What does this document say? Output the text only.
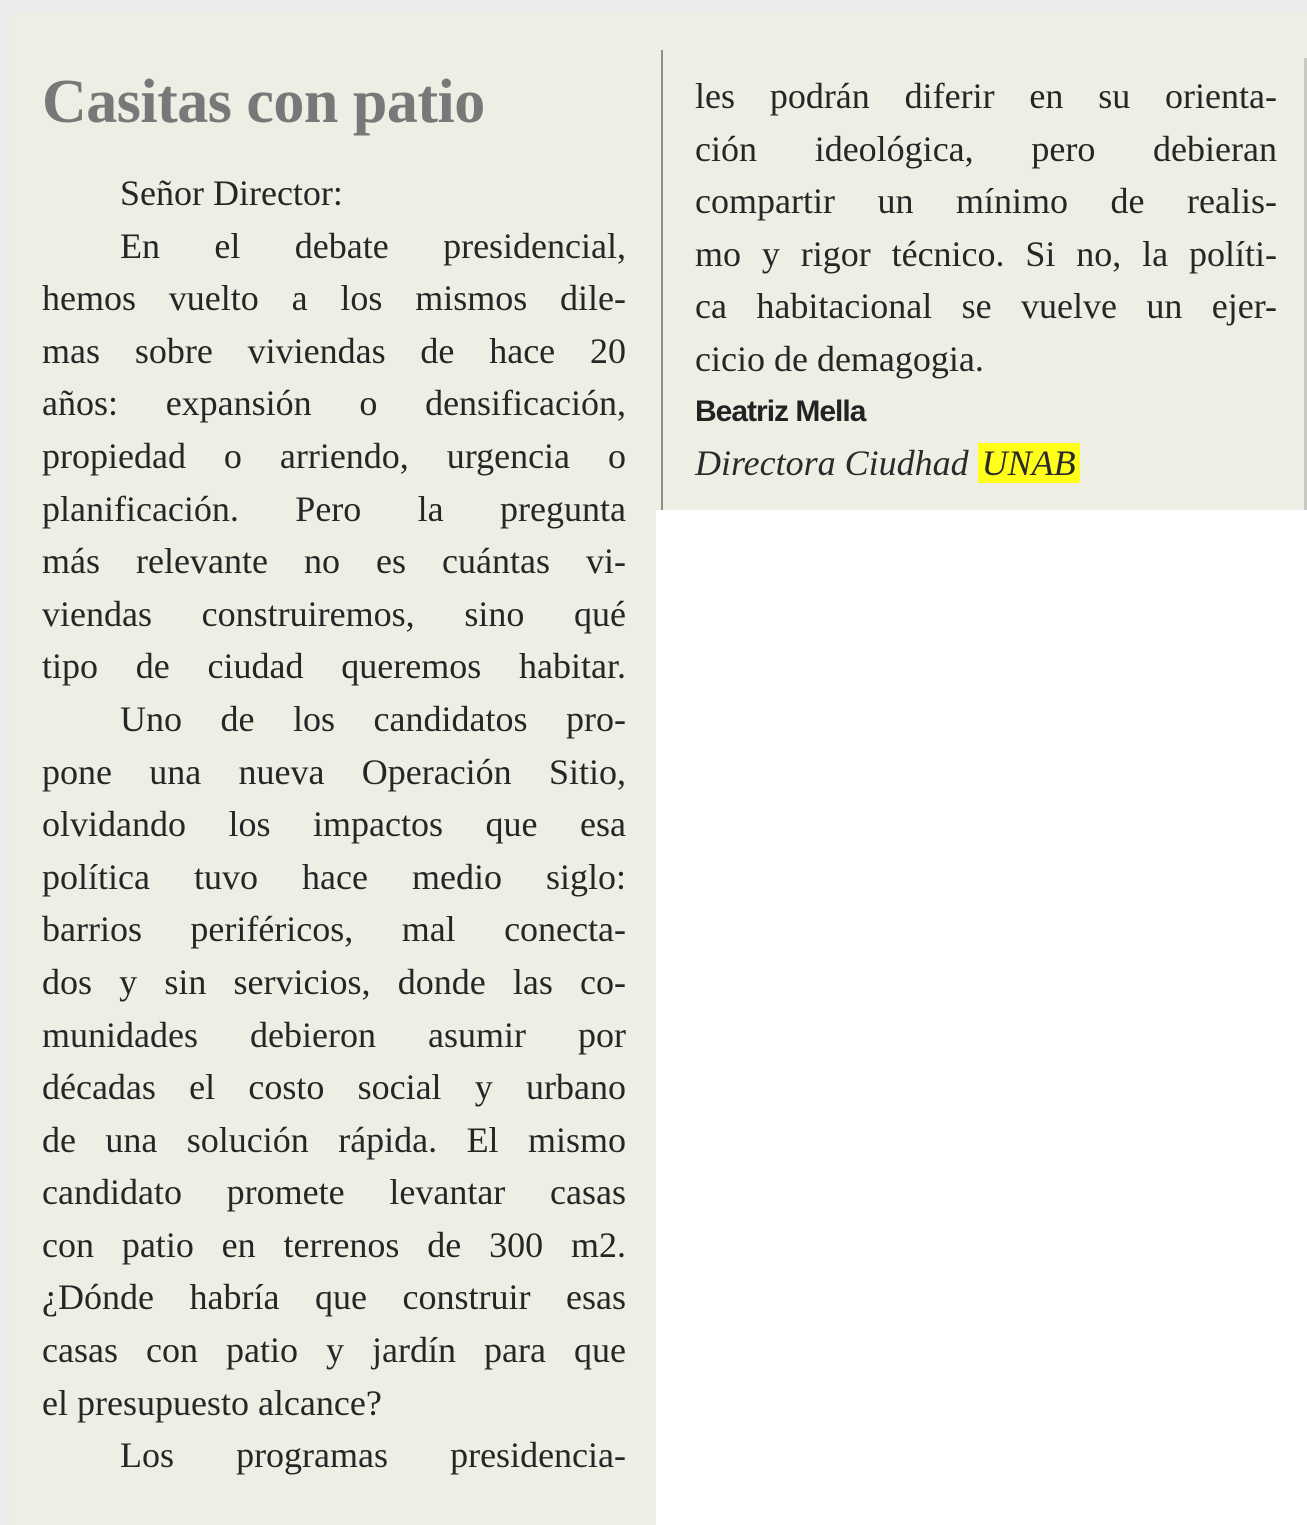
Casitas con patio
Señor Director:
En el debate presidencial,
hemos vuelto a los mismos dile-
mas sobre viviendas de hace 20
años: expansión o densificación,
propiedad o arriendo, urgencia o
planificación. Pero la pregunta
más relevante no es cuántas vi-
viendas construiremos, sino qué
tipo de ciudad queremos habitar.
Uno de los candidatos pro-
pone una nueva Operación Sitio,
olvidando los impactos que esa
política tuvo hace medio siglo:
barrios periféricos, mal conecta-
dos y sin servicios, donde las co-
munidades debieron asumir por
décadas el costo social y urbano
de una solución rápida. El mismo
candidato promete levantar casas
con patio en terrenos de 300 m2.
¿Dónde habría que construir esas
casas con patio y jardín para que
el presupuesto alcance?
Los programas presidencia-
les podrán diferir en su orienta-
ción ideológica, pero debieran
compartir un mínimo de realis-
mo y rigor técnico. Si no, la políti-
ca habitacional se vuelve un ejer-
cicio de demagogia.
Beatriz Mella
Directora Ciudhad UNAB
